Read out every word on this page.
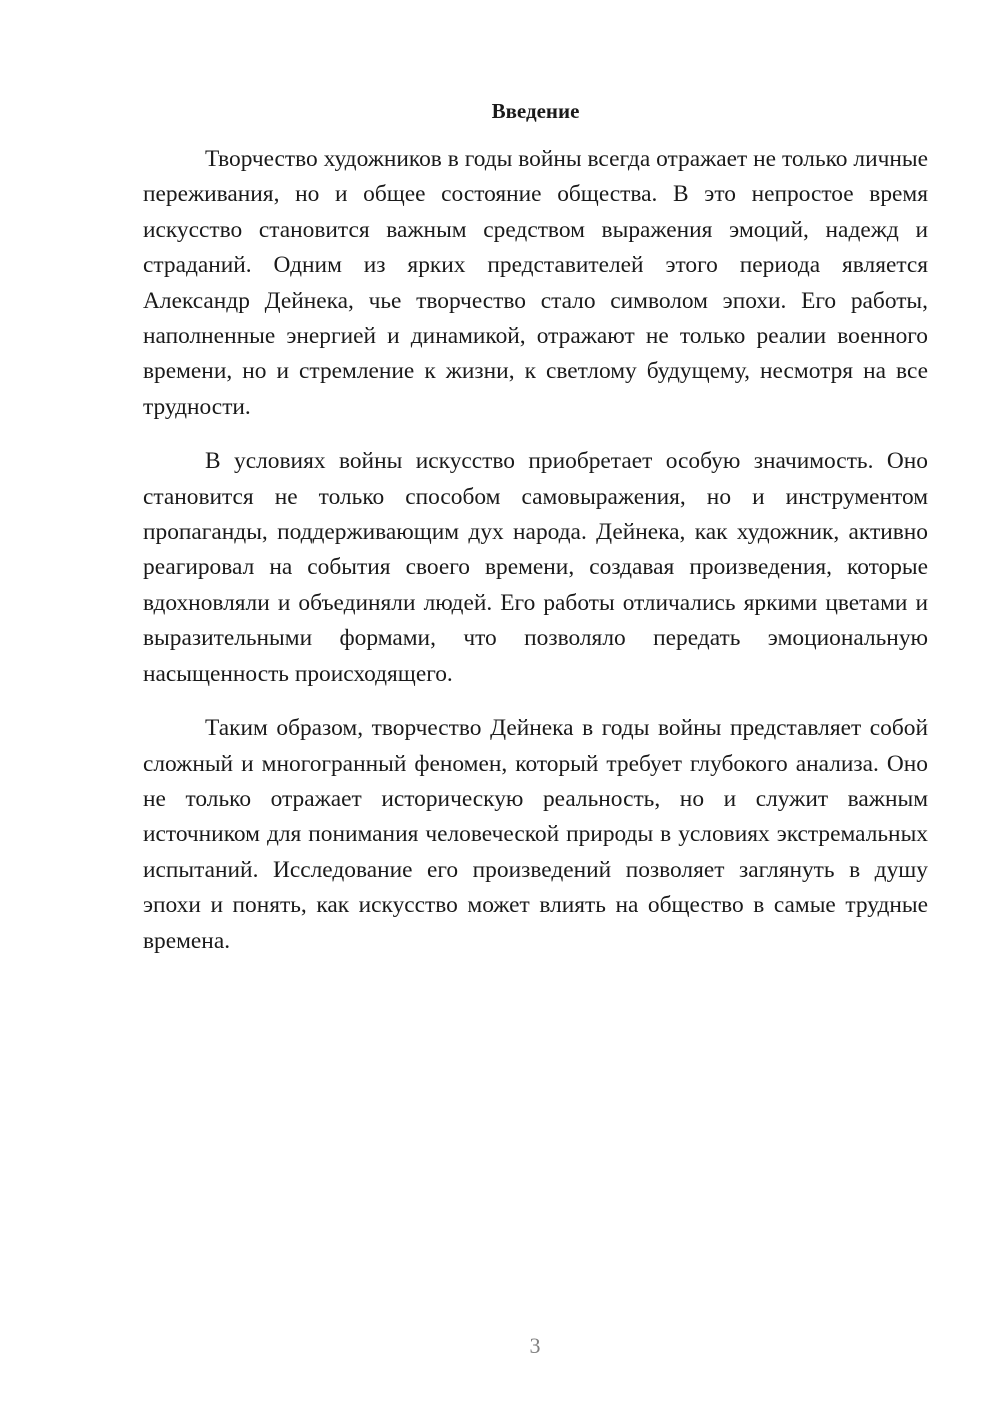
Введение

Творчество художников в годы войны всегда отражает не только личные переживания, но и общее состояние общества. В это непростое время искусство становится важным средством выражения эмоций, надежд и страданий. Одним из ярких представителей этого периода является Александр Дейнека, чье творчество стало символом эпохи. Его работы, наполненные энергией и динамикой, отражают не только реалии военного времени, но и стремление к жизни, к светлому будущему, несмотря на все трудности.

В условиях войны искусство приобретает особую значимость. Оно становится не только способом самовыражения, но и инструментом пропаганды, поддерживающим дух народа. Дейнека, как художник, активно реагировал на события своего времени, создавая произведения, которые вдохновляли и объединяли людей. Его работы отличались яркими цветами и выразительными формами, что позволяло передать эмоциональную насыщенность происходящего.

Таким образом, творчество Дейнека в годы войны представляет собой сложный и многогранный феномен, который требует глубокого анализа. Оно не только отражает историческую реальность, но и служит важным источником для понимания человеческой природы в условиях экстремальных испытаний. Исследование его произведений позволяет заглянуть в душу эпохи и понять, как искусство может влиять на общество в самые трудные времена.

3
